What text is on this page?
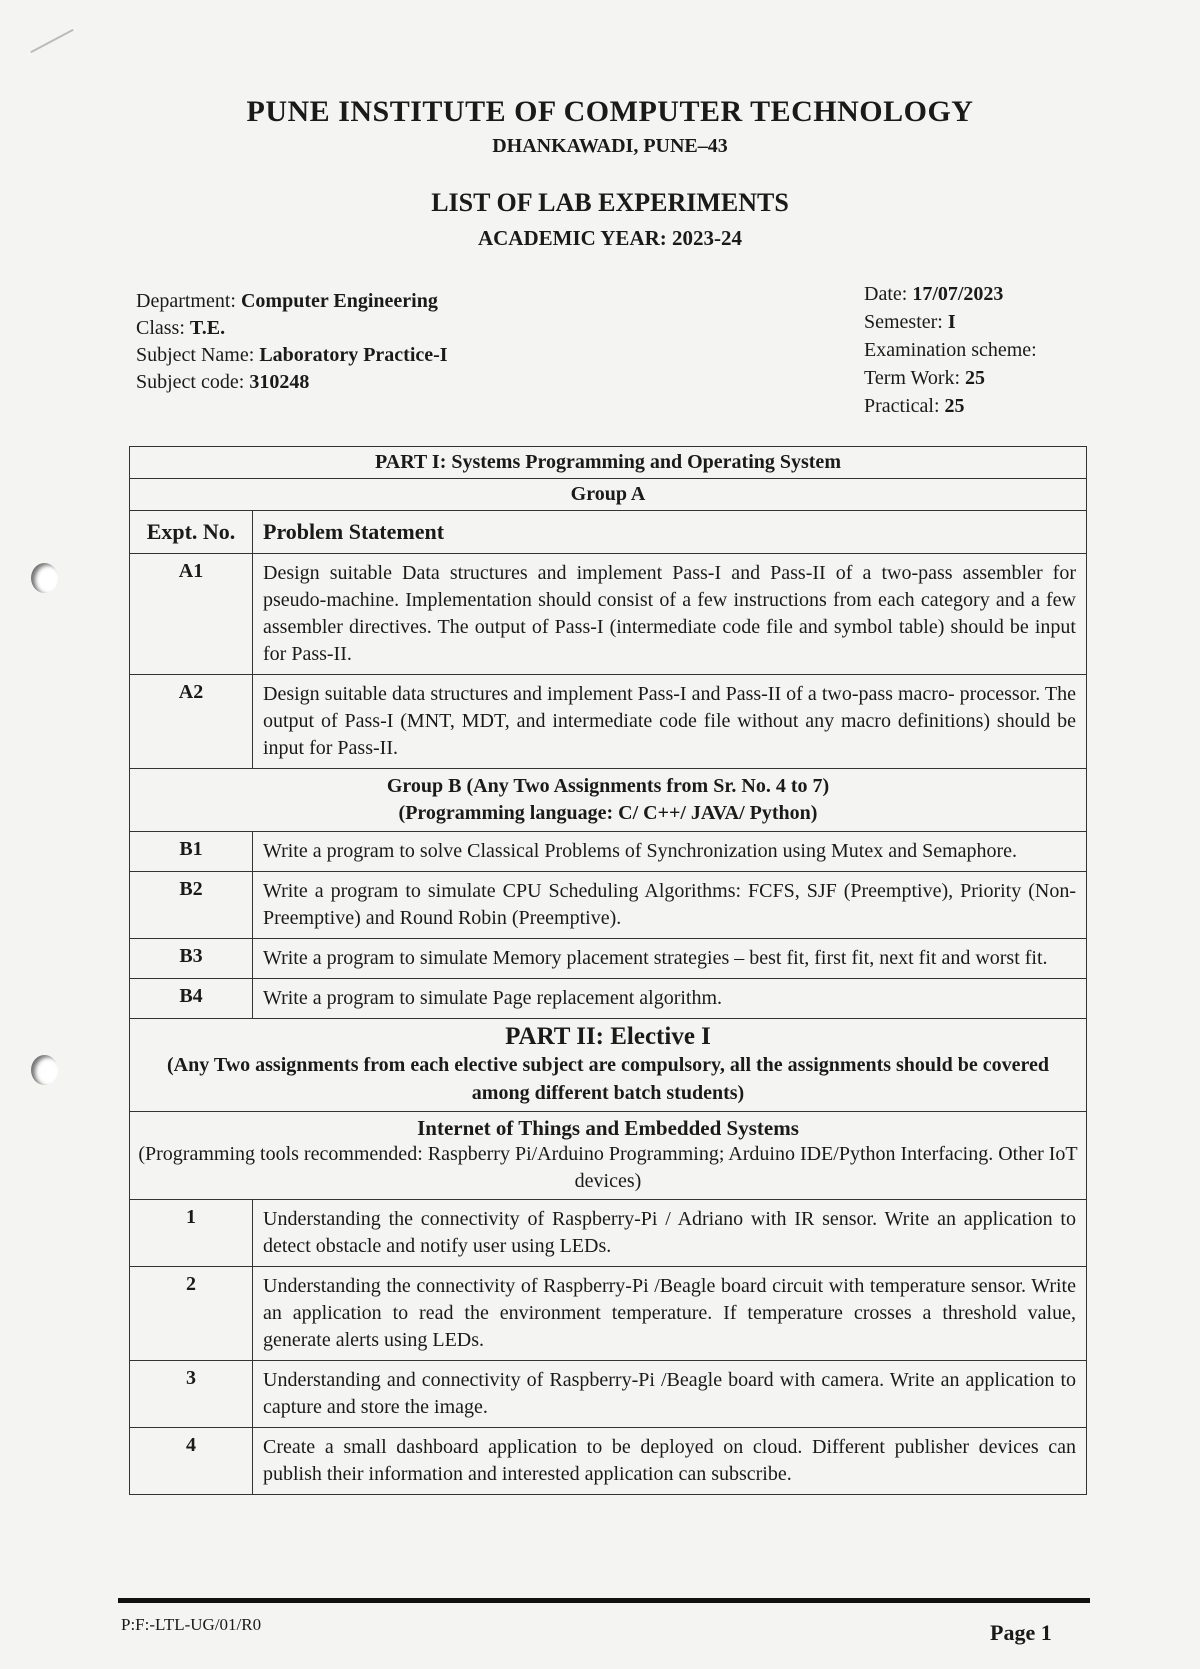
PUNE INSTITUTE OF COMPUTER TECHNOLOGY
DHANKAWADI, PUNE–43
LIST OF LAB EXPERIMENTS
ACADEMIC YEAR: 2023-24
Department: Computer Engineering
Class: T.E.
Subject Name: Laboratory Practice-I
Subject code: 310248
Date: 17/07/2023
Semester: I
Examination scheme:
Term Work: 25
Practical: 25
PART I: Systems Programming and Operating System	
Group A	
Expt. No.	Problem Statement
A1	Design suitable Data structures and implement Pass-I and Pass-II of a two-pass assembler for pseudo-machine. Implementation should consist of a few instructions from each category and a few assembler directives. The output of Pass-I (intermediate code file and symbol table) should be input for Pass-II.
A2	Design suitable data structures and implement Pass-I and Pass-II of a two-pass macro- processor. The output of Pass-I (MNT, MDT, and intermediate code file without any macro definitions) should be input for Pass-II.

Group B (Any Two Assignments from Sr. No. 4 to 7)
(Programming language: C/ C++/ JAVA/ Python)	

B1	Write a program to solve Classical Problems of Synchronization using Mutex and Semaphore.
B2	Write a program to simulate CPU Scheduling Algorithms: FCFS, SJF (Preemptive), Priority (Non-Preemptive) and Round Robin (Preemptive).
B3	Write a program to simulate Memory placement strategies – best fit, first fit, next fit and worst fit.
B4	Write a program to simulate Page replacement algorithm.

PART II: Elective I
(Any Two assignments from each elective subject are compulsory, all the assignments should be covered among different batch students)	

Internet of Things and Embedded Systems
(Programming tools recommended: Raspberry Pi/Arduino Programming; Arduino IDE/Python Interfacing. Other IoT devices)	

1	Understanding the connectivity of Raspberry-Pi / Adriano with IR sensor. Write an application to detect obstacle and notify user using LEDs.
2	Understanding the connectivity of Raspberry-Pi /Beagle board circuit with temperature sensor. Write an application to read the environment temperature. If temperature crosses a threshold value, generate alerts using LEDs.
3	Understanding and connectivity of Raspberry-Pi /Beagle board with camera. Write an application to capture and store the image.
4	Create a small dashboard application to be deployed on cloud. Different publisher devices can publish their information and interested application can subscribe.
P:F:-LTL-UG/01/R0	Page 1
